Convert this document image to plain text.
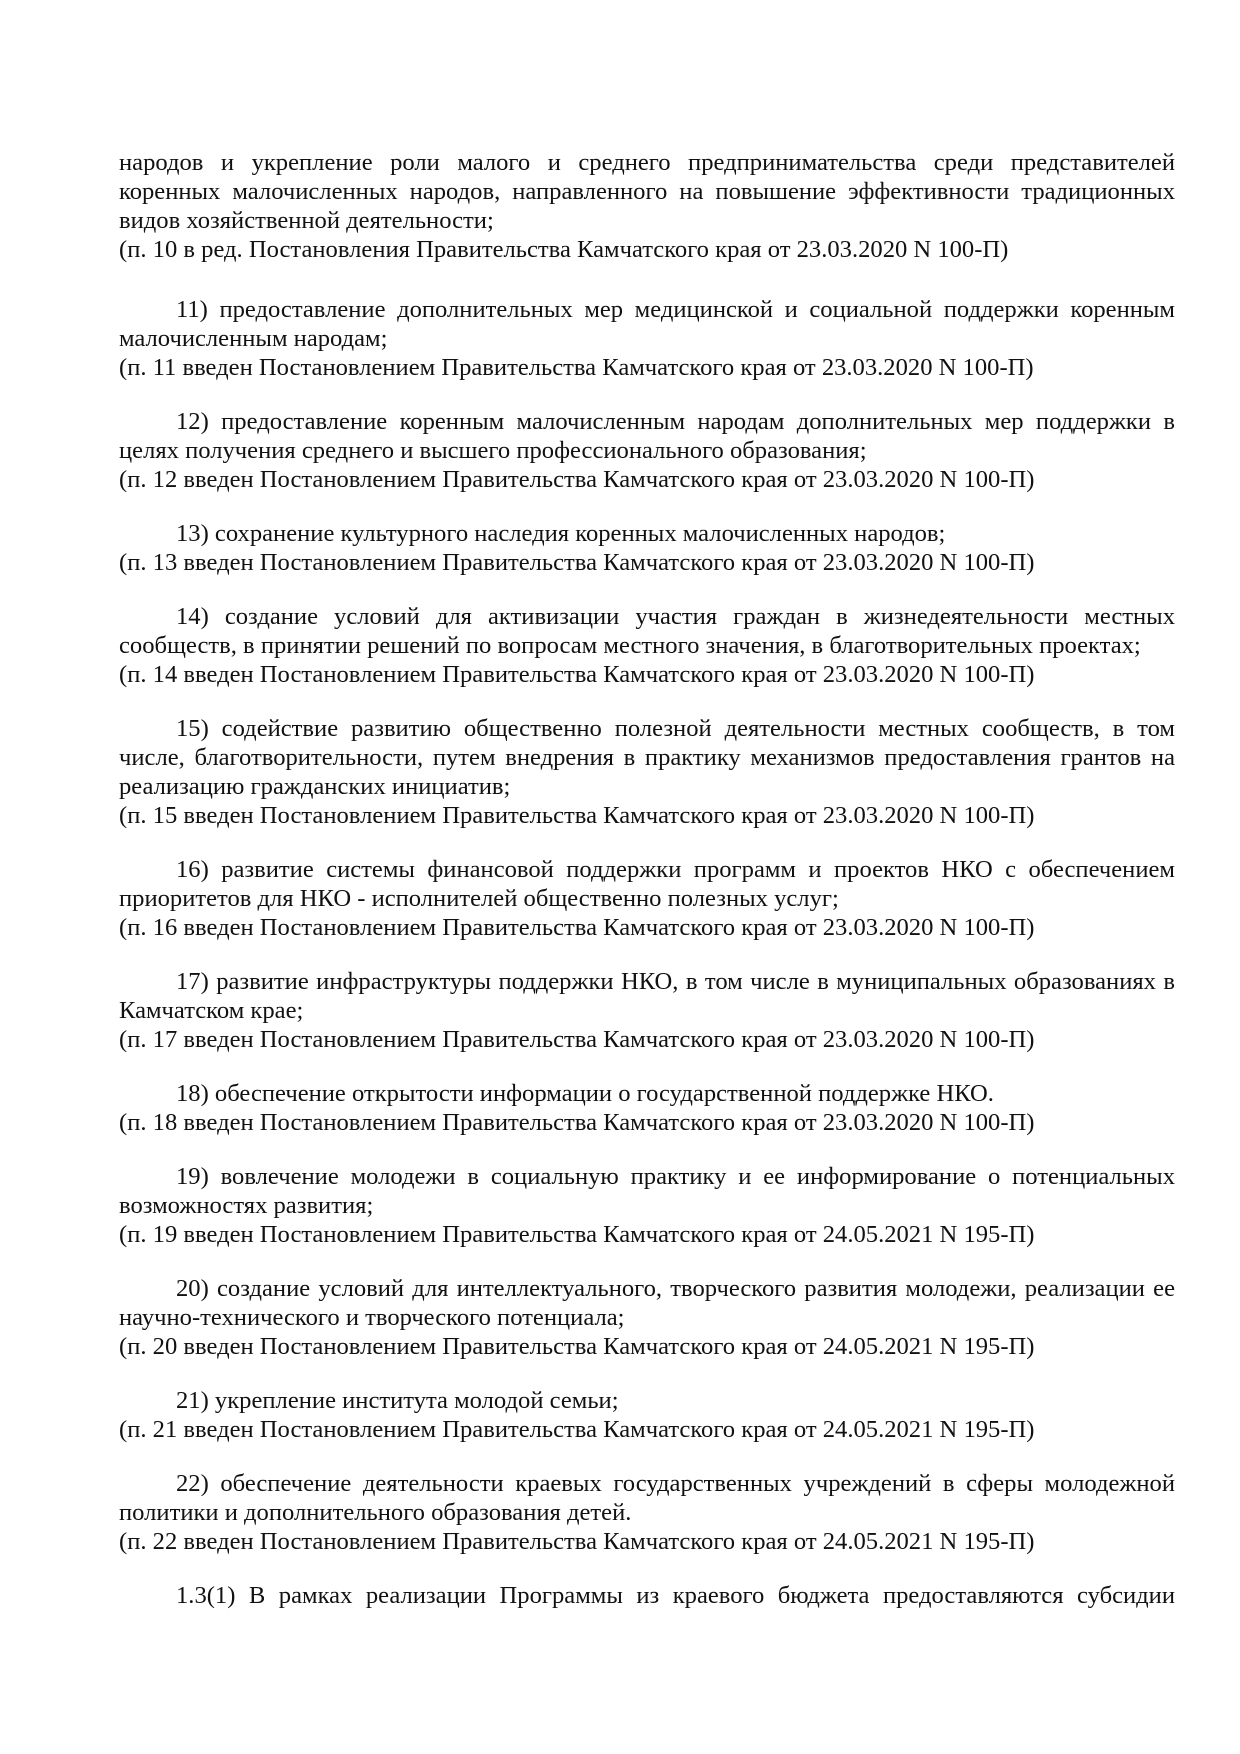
народов и укрепление роли малого и среднего предпринимательства среди представителей коренных малочисленных народов, направленного на повышение эффективности традиционных видов хозяйственной деятельности;

(п. 10 в ред. Постановления Правительства Камчатского края от 23.03.2020 N 100-П)

11) предоставление дополнительных мер медицинской и социальной поддержки коренным малочисленным народам;

(п. 11 введен Постановлением Правительства Камчатского края от 23.03.2020 N 100-П)

12) предоставление коренным малочисленным народам дополнительных мер поддержки в целях получения среднего и высшего профессионального образования;

(п. 12 введен Постановлением Правительства Камчатского края от 23.03.2020 N 100-П)

13) сохранение культурного наследия коренных малочисленных народов;

(п. 13 введен Постановлением Правительства Камчатского края от 23.03.2020 N 100-П)

14) создание условий для активизации участия граждан в жизнедеятельности местных сообществ, в принятии решений по вопросам местного значения, в благотворительных проектах;

(п. 14 введен Постановлением Правительства Камчатского края от 23.03.2020 N 100-П)

15) содействие развитию общественно полезной деятельности местных сообществ, в том числе, благотворительности, путем внедрения в практику механизмов предоставления грантов на реализацию гражданских инициатив;

(п. 15 введен Постановлением Правительства Камчатского края от 23.03.2020 N 100-П)

16) развитие системы финансовой поддержки программ и проектов НКО с обеспечением приоритетов для НКО - исполнителей общественно полезных услуг;

(п. 16 введен Постановлением Правительства Камчатского края от 23.03.2020 N 100-П)

17) развитие инфраструктуры поддержки НКО, в том числе в муниципальных образованиях в Камчатском крае;

(п. 17 введен Постановлением Правительства Камчатского края от 23.03.2020 N 100-П)

18) обеспечение открытости информации о государственной поддержке НКО.

(п. 18 введен Постановлением Правительства Камчатского края от 23.03.2020 N 100-П)

19) вовлечение молодежи в социальную практику и ее информирование о потенциальных возможностях развития;

(п. 19 введен Постановлением Правительства Камчатского края от 24.05.2021 N 195-П)

20) создание условий для интеллектуального, творческого развития молодежи, реализации ее научно-технического и творческого потенциала;

(п. 20 введен Постановлением Правительства Камчатского края от 24.05.2021 N 195-П)

21) укрепление института молодой семьи;

(п. 21 введен Постановлением Правительства Камчатского края от 24.05.2021 N 195-П)

22) обеспечение деятельности краевых государственных учреждений в сферы молодежной политики и дополнительного образования детей.

(п. 22 введен Постановлением Правительства Камчатского края от 24.05.2021 N 195-П)

1.3(1) В рамках реализации Программы из краевого бюджета предоставляются субсидии
